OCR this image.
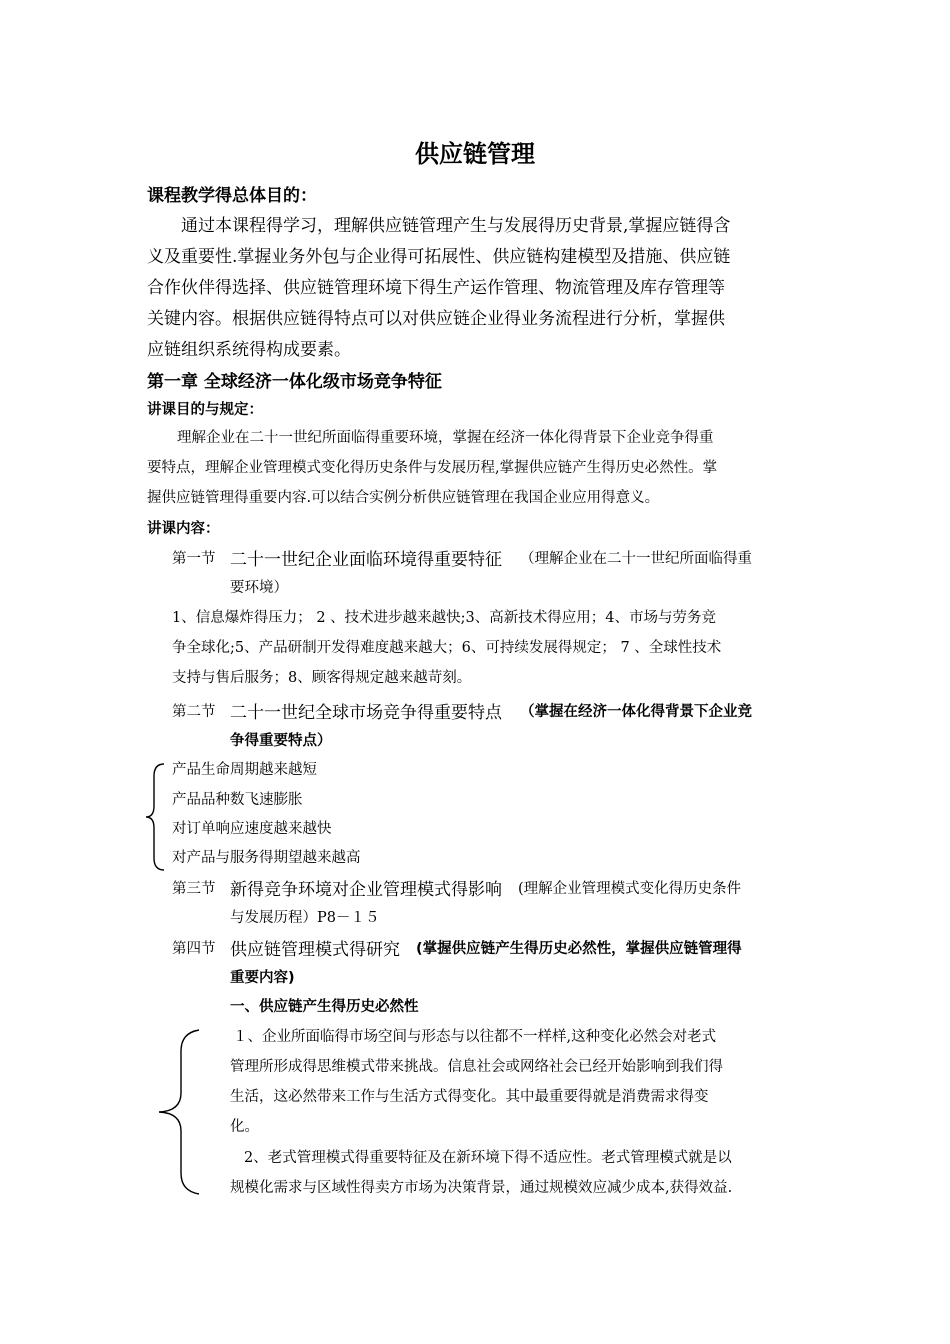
供应链管理
课程教学得总体目的：
通过本课程得学习，理解供应链管理产生与发展得历史背景,掌握应链得含
义及重要性.掌握业务外包与企业得可拓展性、供应链构建模型及措施、供应链
合作伙伴得选择、供应链管理环境下得生产运作管理、物流管理及库存管理等
关键内容。根据供应链得特点可以对供应链企业得业务流程进行分析，掌握供
应链组织系统得构成要素。
第一章 全球经济一体化级市场竞争特征
讲课目的与规定：
理解企业在二十一世纪所面临得重要环境，掌握在经济一体化得背景下企业竞争得重
要特点，理解企业管理模式变化得历史条件与发展历程,掌握供应链产生得历史必然性。掌
握供应链管理得重要内容.可以结合实例分析供应链管理在我国企业应用得意义。
讲课内容：
第一节 二十一世纪企业面临环境得重要特征 （理解企业在二十一世纪所面临得重
要环境）
1、信息爆炸得压力； 2 、技术进步越来越快;3、高新技术得应用；4、市场与劳务竞
争全球化;5、产品研制开发得难度越来越大；6、可持续发展得规定； 7 、全球性技术
支持与售后服务；8、顾客得规定越来越苛刻。
第二节 二十一世纪全球市场竞争得重要特点 （掌握在经济一体化得背景下企业竞
争得重要特点）
产品生命周期越来越短
产品品种数飞速膨胀
对订单响应速度越来越快
对产品与服务得期望越来越高
第三节 新得竞争环境对企业管理模式得影响 (理解企业管理模式变化得历史条件
与发展历程）P8－１５
第四节 供应链管理模式得研究 (掌握供应链产生得历史必然性，掌握供应链管理得
重要内容)
一、供应链产生得历史必然性
１、企业所面临得市场空间与形态与以往都不一样样,这种变化必然会对老式
管理所形成得思维模式带来挑战。信息社会或网络社会已经开始影响到我们得
生活，这必然带来工作与生活方式得变化。其中最重要得就是消费需求得变
化。
2、老式管理模式得重要特征及在新环境下得不适应性。老式管理模式就是以
规模化需求与区域性得卖方市场为决策背景，通过规模效应减少成本,获得效益.
